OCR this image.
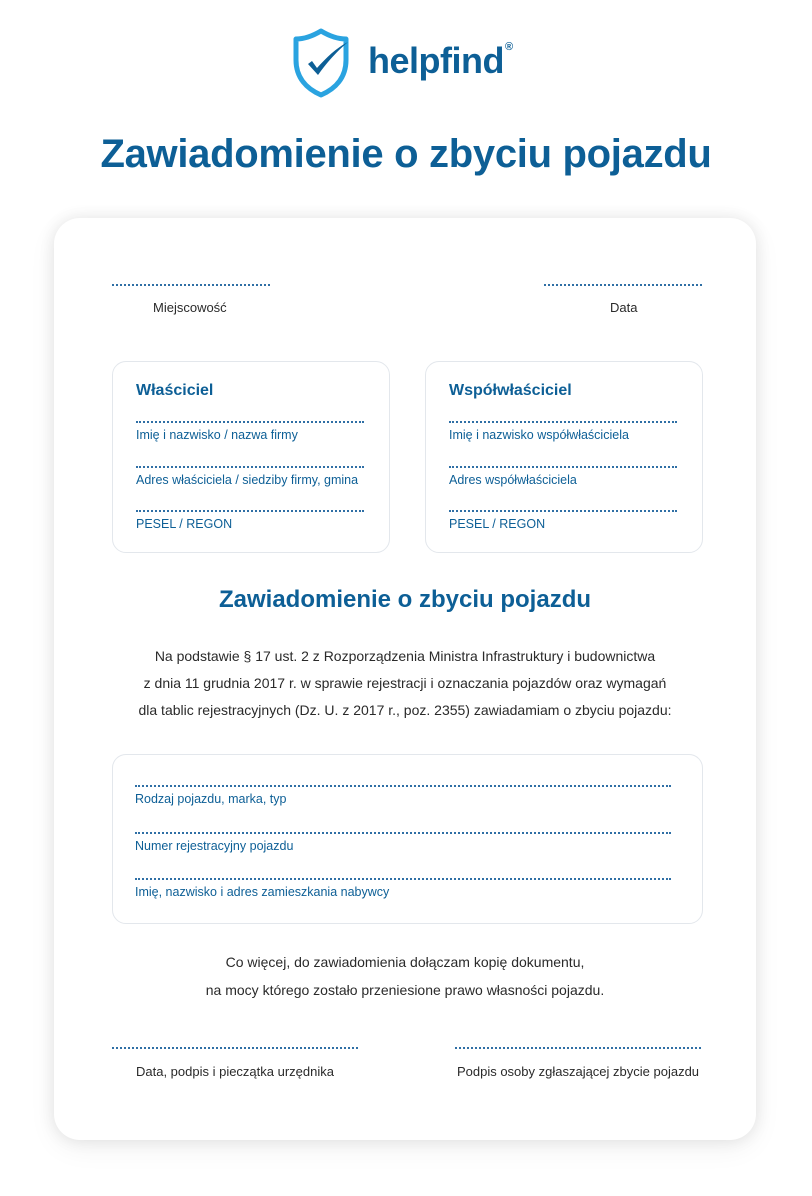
helpfind ®
Zawiadomienie o zbyciu pojazdu
Miejscowość	Data
Właściciel
Imię i nazwisko / nazwa firmy
Adres właściciela / siedziby firmy, gmina
PESEL / REGON
Współwłaściciel
Imię i nazwisko współwłaściciela
Adres współwłaściciela
PESEL / REGON
Zawiadomienie o zbyciu pojazdu

Na podstawie § 17 ust. 2 z Rozporządzenia Ministra Infrastruktury i budownictwa
z dnia 11 grudnia 2017 r. w sprawie rejestracji i oznaczania pojazdów oraz wymagań
dla tablic rejestracyjnych (Dz. U. z 2017 r., poz. 2355) zawiadamiam o zbyciu pojazdu:

Rodzaj pojazdu, marka, typ
Numer rejestracyjny pojazdu
Imię, nazwisko i adres zamieszkania nabywcy

Co więcej, do zawiadomienia dołączam kopię dokumentu,
na mocy którego zostało przeniesione prawo własności pojazdu.

Data, podpis i pieczątka urzędnika	Podpis osoby zgłaszającej zbycie pojazdu
